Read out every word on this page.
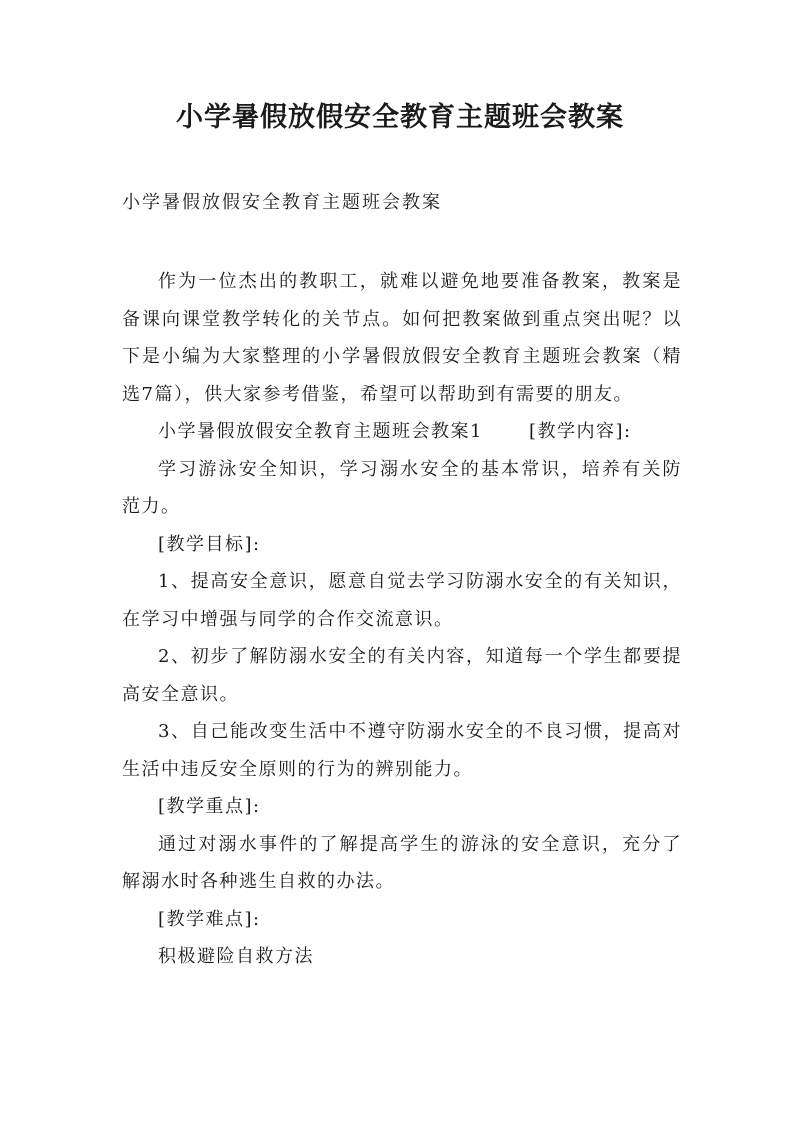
小学暑假放假安全教育主题班会教案
小学暑假放假安全教育主题班会教案

作为一位杰出的教职工，就难以避免地要准备教案，教案是备课向课堂教学转化的关节点。如何把教案做到重点突出呢？以下是小编为大家整理的小学暑假放假安全教育主题班会教案（精选7篇），供大家参考借鉴，希望可以帮助到有需要的朋友。

小学暑假放假安全教育主题班会教案1	[教学内容]:

学习游泳安全知识，学习溺水安全的基本常识，培养有关防范力。

[教学目标]:

1、提高安全意识，愿意自觉去学习防溺水安全的有关知识，在学习中增强与同学的合作交流意识。

2、初步了解防溺水安全的有关内容，知道每一个学生都要提高安全意识。

3、自己能改变生活中不遵守防溺水安全的不良习惯，提高对生活中违反安全原则的行为的辨别能力。

[教学重点]:

通过对溺水事件的了解提高学生的游泳的安全意识，充分了解溺水时各种逃生自救的办法。

[教学难点]:

积极避险自救方法
